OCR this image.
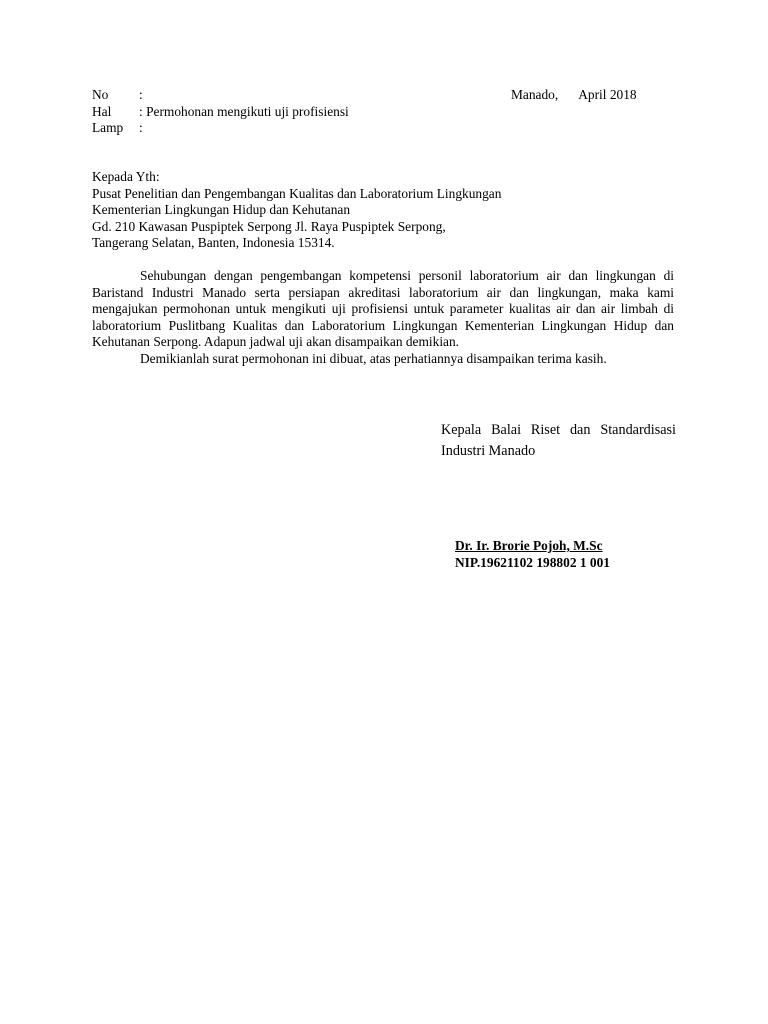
No	:
Hal	: Permohonan mengikuti uji profisiensi
Lamp	:
Manado, April 2018
Kepada Yth:
Pusat Penelitian dan Pengembangan Kualitas dan Laboratorium Lingkungan
Kementerian Lingkungan Hidup dan Kehutanan
Gd. 210 Kawasan Puspiptek Serpong Jl. Raya Puspiptek Serpong,
Tangerang Selatan, Banten, Indonesia 15314.

Sehubungan dengan pengembangan kompetensi personil laboratorium air dan lingkungan di Baristand Industri Manado serta persiapan akreditasi laboratorium air dan lingkungan, maka kami mengajukan permohonan untuk mengikuti uji profisiensi untuk parameter kualitas air dan air limbah di laboratorium Puslitbang Kualitas dan Laboratorium Lingkungan Kementerian Lingkungan Hidup dan Kehutanan Serpong. Adapun jadwal uji akan disampaikan demikian.

Demikianlah surat permohonan ini dibuat, atas perhatiannya disampaikan terima kasih.

Kepala Balai Riset dan Standardisasi Industri Manado
Dr. Ir. Brorie Pojoh, M.Sc
NIP.19621102 198802 1 001
